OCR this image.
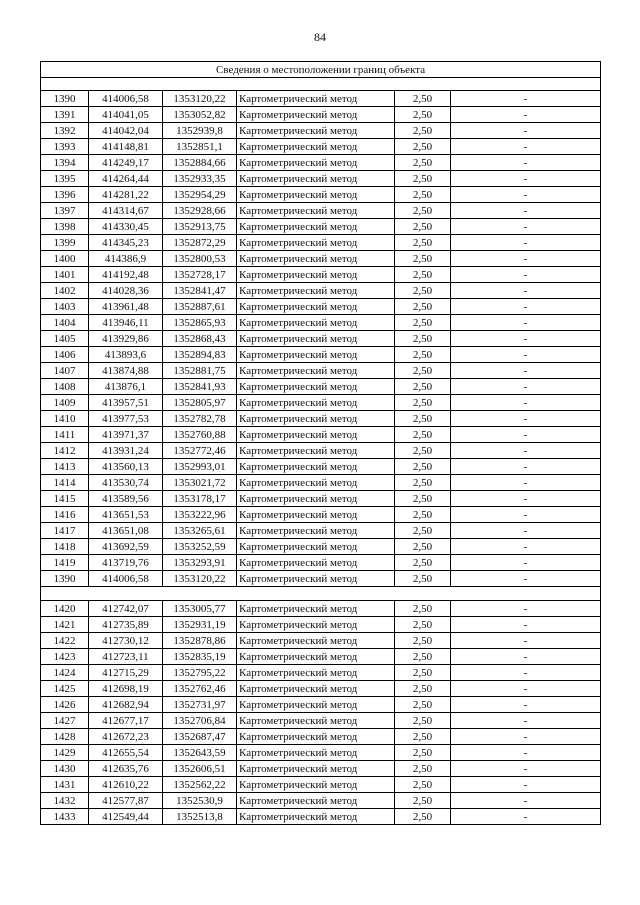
84
Сведения о местоположении границ объекта					

1390	414006,58	1353120,22	Картометрический метод	2,50	-
1391	414041,05	1353052,82	Картометрический метод	2,50	-
1392	414042,04	1352939,8	Картометрический метод	2,50	-
1393	414148,81	1352851,1	Картометрический метод	2,50	-
1394	414249,17	1352884,66	Картометрический метод	2,50	-
1395	414264,44	1352933,35	Картометрический метод	2,50	-
1396	414281,22	1352954,29	Картометрический метод	2,50	-
1397	414314,67	1352928,66	Картометрический метод	2,50	-
1398	414330,45	1352913,75	Картометрический метод	2,50	-
1399	414345,23	1352872,29	Картометрический метод	2,50	-
1400	414386,9	1352800,53	Картометрический метод	2,50	-
1401	414192,48	1352728,17	Картометрический метод	2,50	-
1402	414028,36	1352841,47	Картометрический метод	2,50	-
1403	413961,48	1352887,61	Картометрический метод	2,50	-
1404	413946,11	1352865,93	Картометрический метод	2,50	-
1405	413929,86	1352868,43	Картометрический метод	2,50	-
1406	413893,6	1352894,83	Картометрический метод	2,50	-
1407	413874,88	1352881,75	Картометрический метод	2,50	-
1408	413876,1	1352841,93	Картометрический метод	2,50	-
1409	413957,51	1352805,97	Картометрический метод	2,50	-
1410	413977,53	1352782,78	Картометрический метод	2,50	-
1411	413971,37	1352760,88	Картометрический метод	2,50	-
1412	413931,24	1352772,46	Картометрический метод	2,50	-
1413	413560,13	1352993,01	Картометрический метод	2,50	-
1414	413530,74	1353021,72	Картометрический метод	2,50	-
1415	413589,56	1353178,17	Картометрический метод	2,50	-
1416	413651,53	1353222,96	Картометрический метод	2,50	-
1417	413651,08	1353265,61	Картометрический метод	2,50	-
1418	413692,59	1353252,59	Картометрический метод	2,50	-
1419	413719,76	1353293,91	Картометрический метод	2,50	-
1390	414006,58	1353120,22	Картометрический метод	2,50	-

1420	412742,07	1353005,77	Картометрический метод	2,50	-
1421	412735,89	1352931,19	Картометрический метод	2,50	-
1422	412730,12	1352878,86	Картометрический метод	2,50	-
1423	412723,11	1352835,19	Картометрический метод	2,50	-
1424	412715,29	1352795,22	Картометрический метод	2,50	-
1425	412698,19	1352762,46	Картометрический метод	2,50	-
1426	412682,94	1352731,97	Картометрический метод	2,50	-
1427	412677,17	1352706,84	Картометрический метод	2,50	-
1428	412672,23	1352687,47	Картометрический метод	2,50	-
1429	412655,54	1352643,59	Картометрический метод	2,50	-
1430	412635,76	1352606,51	Картометрический метод	2,50	-
1431	412610,22	1352562,22	Картометрический метод	2,50	-
1432	412577,87	1352530,9	Картометрический метод	2,50	-
1433	412549,44	1352513,8	Картометрический метод	2,50	-
